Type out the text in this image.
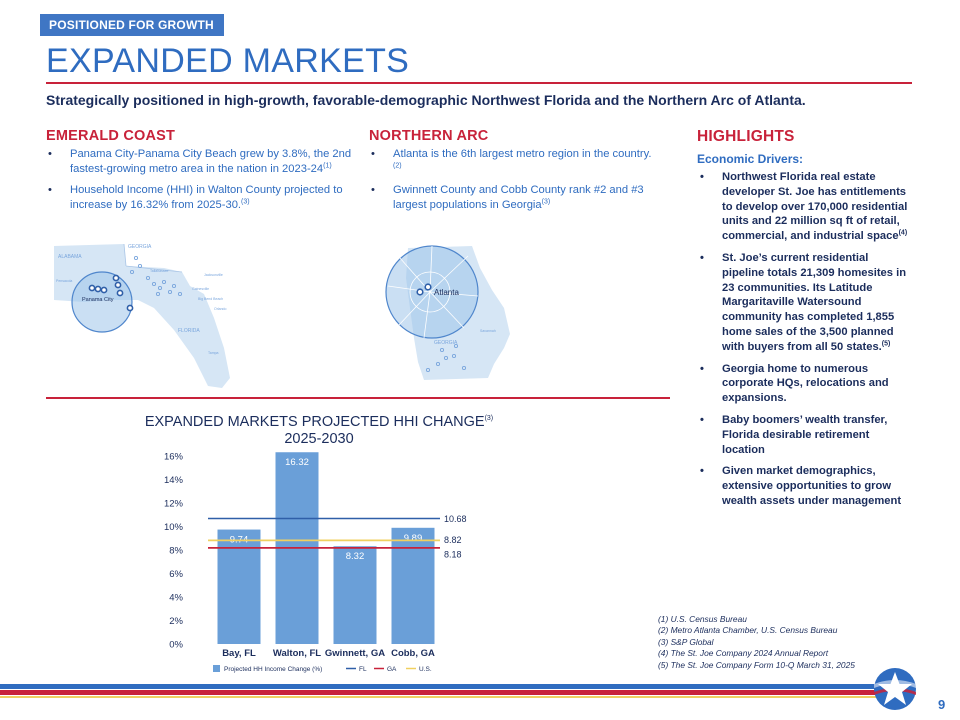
POSITIONED FOR GROWTH
EXPANDED MARKETS
Strategically positioned in high-growth, favorable-demographic Northwest Florida and the Northern Arc of Atlanta.
EMERALD COAST
• Panama City-Panama City Beach grew by 3.8%, the 2nd fastest-growing metro area in the nation in 2023-24$^{(1)}$
• Household Income (HHI) in Walton County projected to increase by 16.32% from 2025-30.$^{(3)}$
GEORGIA
ALABAMA
FLORIDA
Panama City
Jacksonville
Gainesville
Big Bend Beach
Tampa
Orlando
Pensacola
Tallahassee
NORTHERN ARC
• Atlanta is the 6th largest metro region in the country.$^{(2)}$
• Gwinnett County and Cobb County rank #2 and #3 largest populations in Georgia$^{(3)}$
Atlanta
GEORGIA
Savannah
HIGHLIGHTS
Economic Drivers:
• Northwest Florida real estate developer St. Joe has entitlements to develop over 170,000 residential units and 22 million sq ft of retail, commercial, and industrial space$^{(4)}$
• St. Joe’s current residential pipeline totals 21,309 homesites in 23 communities. Its Latitude Margaritaville Watersound community has completed 1,855 home sales of the 3,500 planned with buyers from all 50 states.$^{(5)}$
• Georgia home to numerous corporate HQs, relocations and expansions.
• Baby boomers’ wealth transfer, Florida desirable retirement location
• Given market demographics, extensive opportunities to grow wealth assets under management
EXPANDED MARKETS PROJECTED HHI CHANGE$^{(3)}$
2025-2030
0%
2%
4%
6%
8%
10%
12%
14%
16%
9.74
16.32
8.32
9.89
10.68
8.18
8.82
Bay, FL Walton, FL Gwinnett, GA Cobb, GA
Projected HH Income Change (%)	FL	GA	U.S.
(1) U.S. Census Bureau
(2) Metro Atlanta Chamber, U.S. Census Bureau
(3) S&P Global
(4) The St. Joe Company 2024 Annual Report
(5) The St. Joe Company Form 10-Q March 31, 2025
9
